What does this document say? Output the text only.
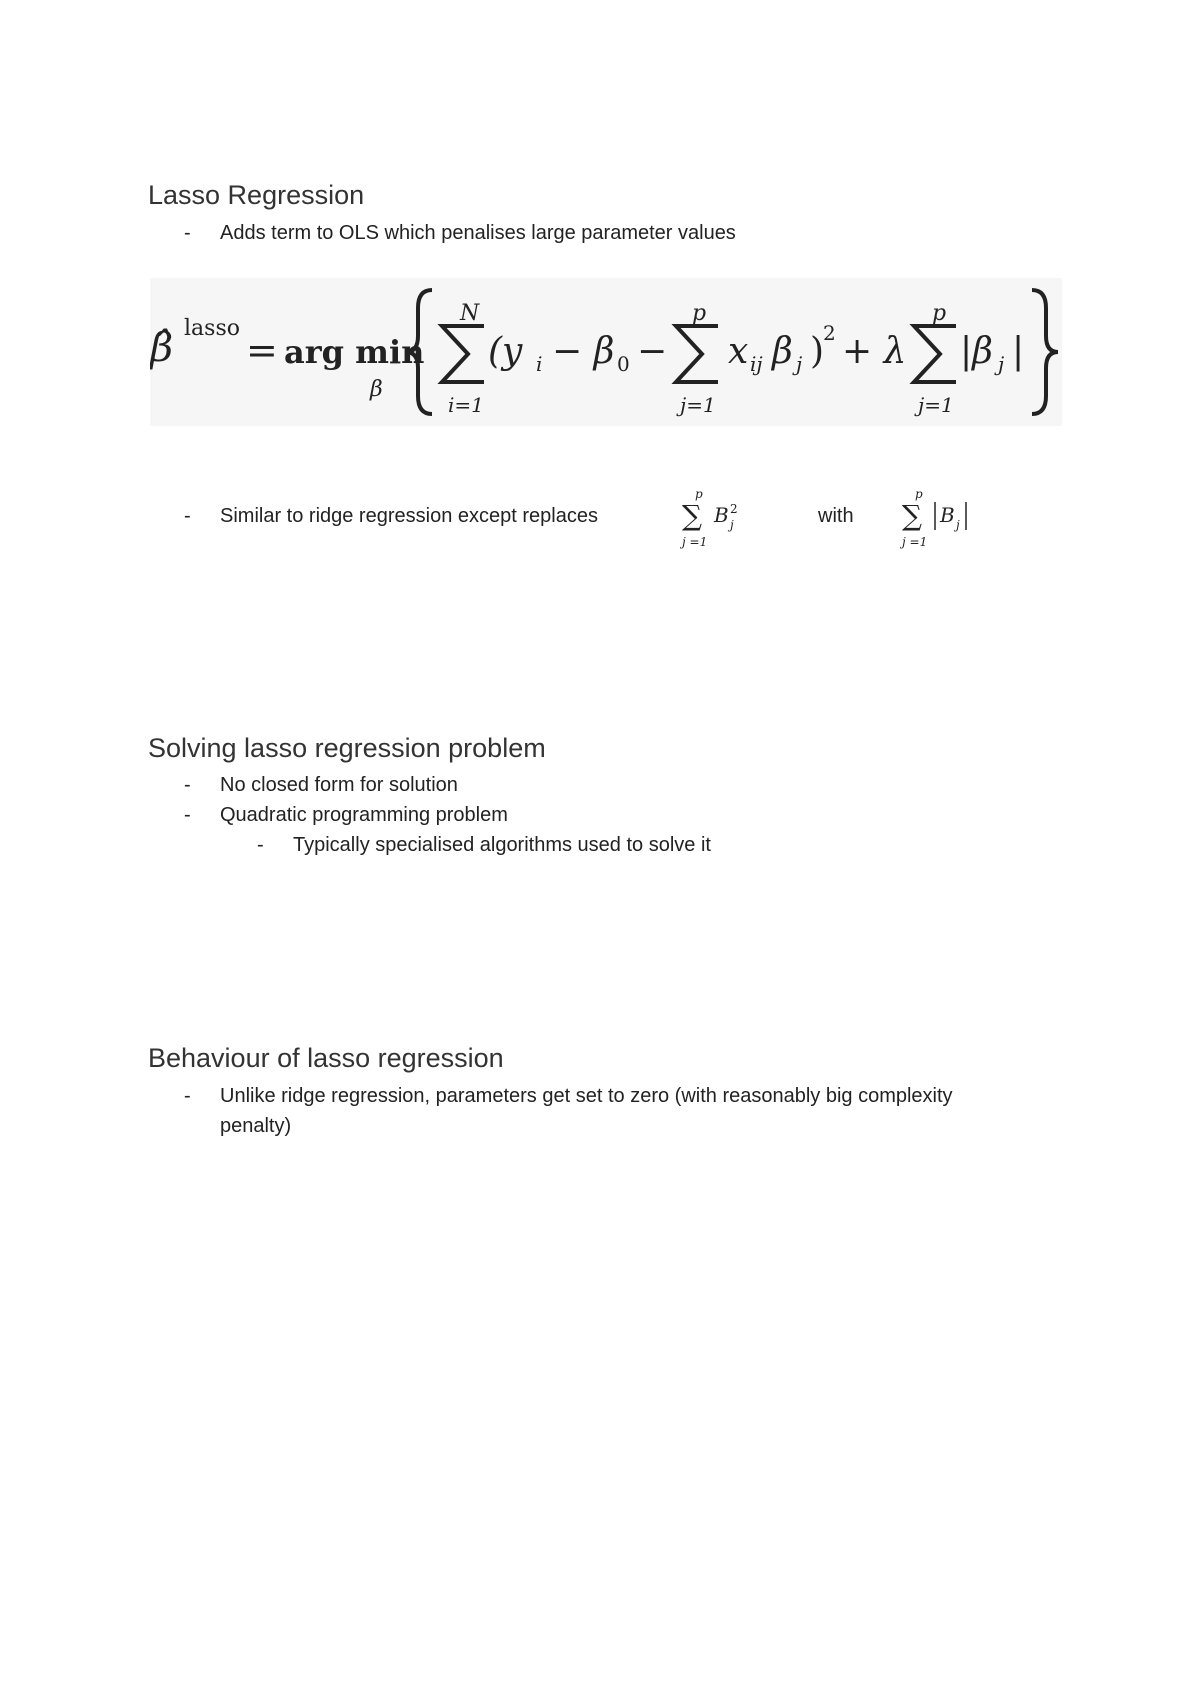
Lasso Regression
- Adds term to OLS which penalises large parameter values
β̂ lasso = arg min
β
N
i=1
(y i − β 0 −
p
j=1
x ij β j )
2 + λ
p
j=1
|β j |
- Similar to ridge regression except replaces
p
∑
j =1
B 2
j	with
p
∑
j =1
B j
Solving lasso regression problem
- No closed form for solution
- Quadratic programming problem
- Typically specialised algorithms used to solve it
Behaviour of lasso regression
- Unlike ridge regression, parameters get set to zero (with reasonably big complexity
penalty)
